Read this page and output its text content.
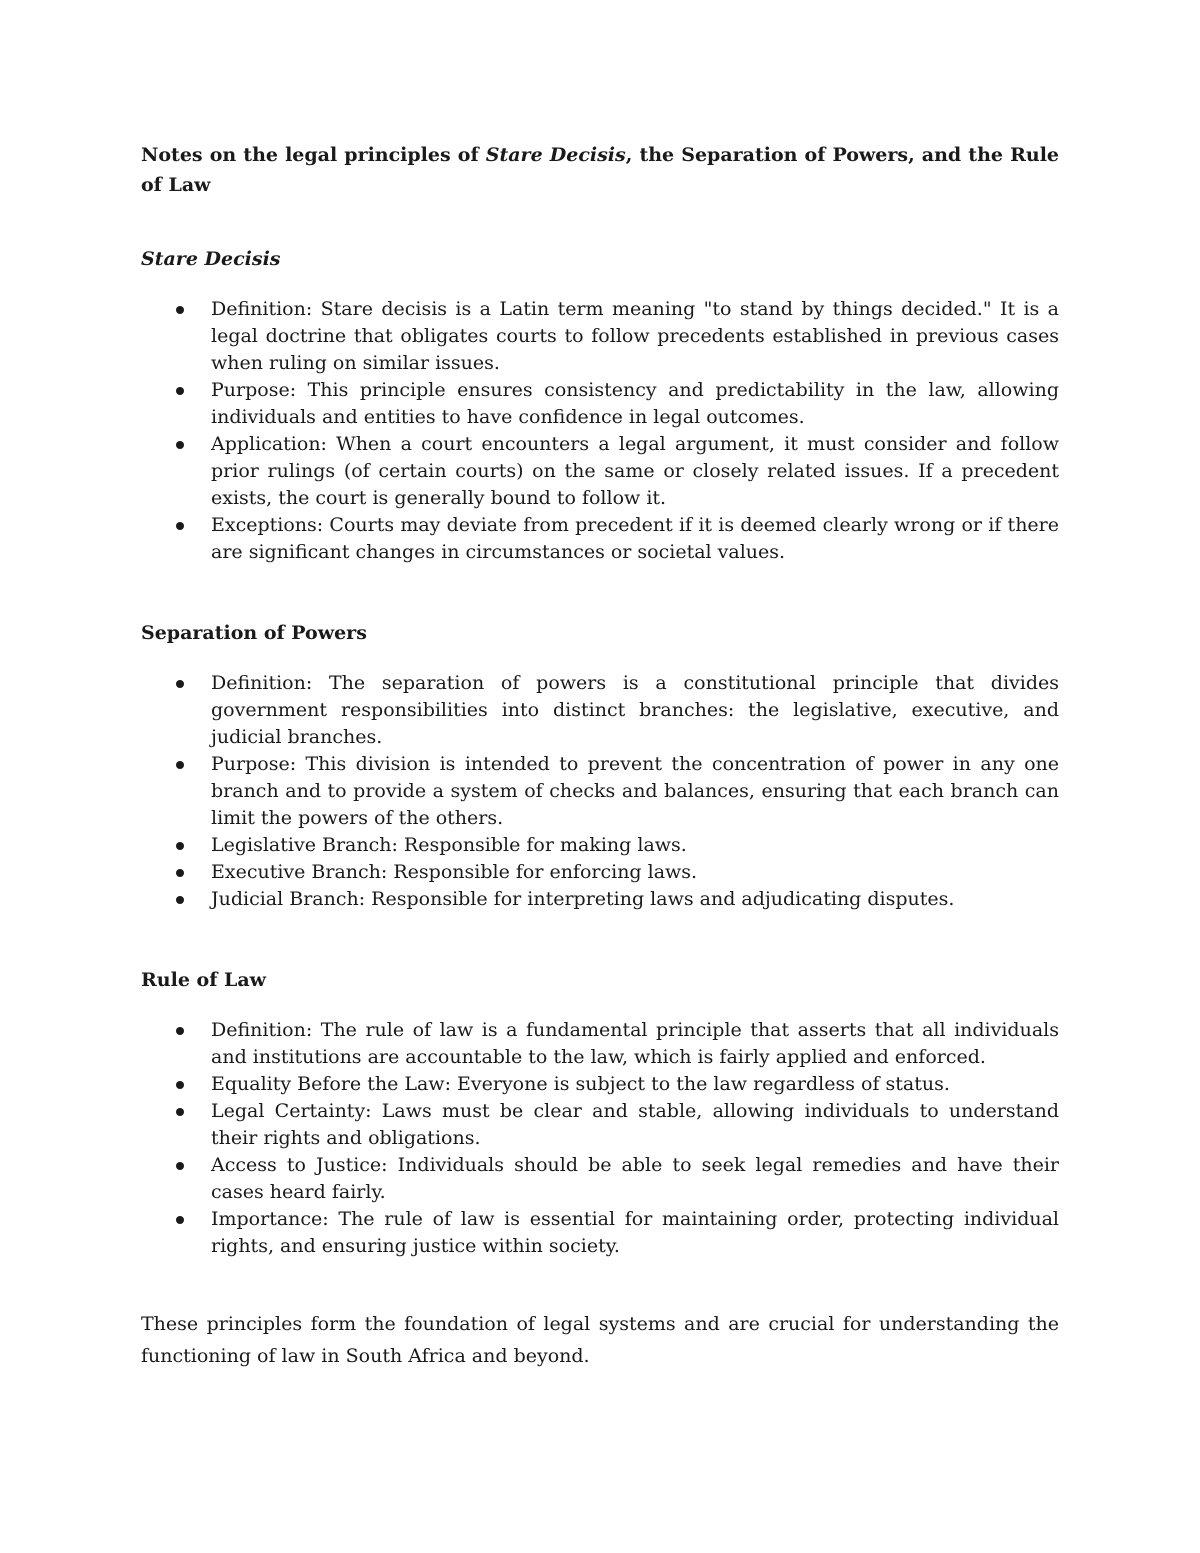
Notes on the legal principles of Stare Decisis, the Separation of Powers, and the Rule of Law

Stare Decisis
Definition: Stare decisis is a Latin term meaning "to stand by things decided." It is a legal doctrine that obligates courts to follow precedents established in previous cases when ruling on similar issues.
Purpose: This principle ensures consistency and predictability in the law, allowing individuals and entities to have confidence in legal outcomes.
Application: When a court encounters a legal argument, it must consider and follow prior rulings (of certain courts) on the same or closely related issues. If a precedent exists, the court is generally bound to follow it.
Exceptions: Courts may deviate from precedent if it is deemed clearly wrong or if there are significant changes in circumstances or societal values.
Separation of Powers
Definition: The separation of powers is a constitutional principle that divides government responsibilities into distinct branches: the legislative, executive, and judicial branches.
Purpose: This division is intended to prevent the concentration of power in any one branch and to provide a system of checks and balances, ensuring that each branch can limit the powers of the others.
Legislative Branch: Responsible for making laws.
Executive Branch: Responsible for enforcing laws.
Judicial Branch: Responsible for interpreting laws and adjudicating disputes.
Rule of Law
Definition: The rule of law is a fundamental principle that asserts that all individuals and institutions are accountable to the law, which is fairly applied and enforced.
Equality Before the Law: Everyone is subject to the law regardless of status.
Legal Certainty: Laws must be clear and stable, allowing individuals to understand their rights and obligations.
Access to Justice: Individuals should be able to seek legal remedies and have their cases heard fairly.
Importance: The rule of law is essential for maintaining order, protecting individual rights, and ensuring justice within society.

These principles form the foundation of legal systems and are crucial for understanding the functioning of law in South Africa and beyond.
